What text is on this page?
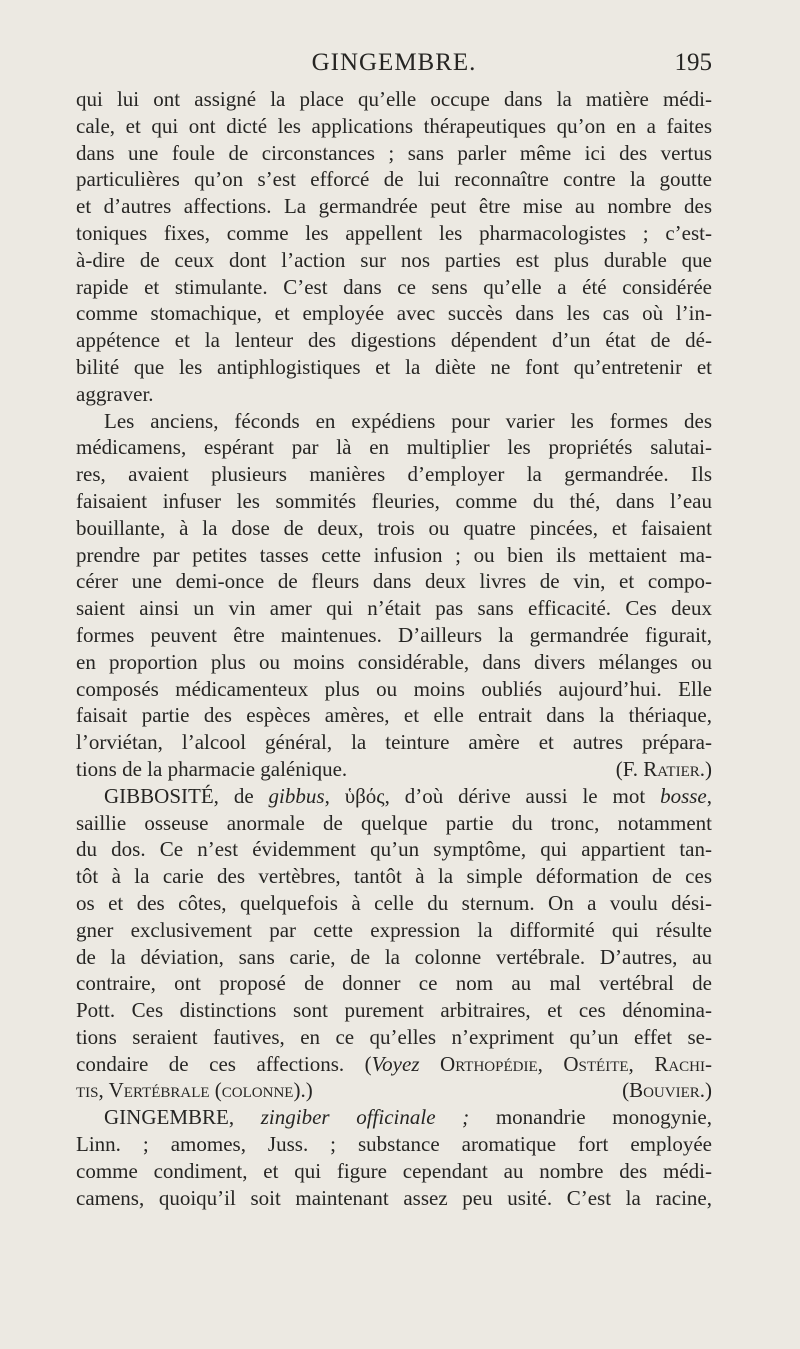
GINGEMBRE.	195
qui lui ont assigné la place qu’elle occupe dans la matière médi-
cale, et qui ont dicté les applications thérapeutiques qu’on en a faites
dans une foule de circonstances ; sans parler même ici des vertus
particulières qu’on s’est efforcé de lui reconnaître contre la goutte
et d’autres affections. La germandrée peut être mise au nombre des
toniques fixes, comme les appellent les pharmacologistes ; c’est-
à-dire de ceux dont l’action sur nos parties est plus durable que
rapide et stimulante. C’est dans ce sens qu’elle a été considérée
comme stomachique, et employée avec succès dans les cas où l’in-
appétence et la lenteur des digestions dépendent d’un état de dé-
bilité que les antiphlogistiques et la diète ne font qu’entretenir et
aggraver.
Les anciens, féconds en expédiens pour varier les formes des
médicamens, espérant par là en multiplier les propriétés salutai-
res, avaient plusieurs manières d’employer la germandrée. Ils
faisaient infuser les sommités fleuries, comme du thé, dans l’eau
bouillante, à la dose de deux, trois ou quatre pincées, et faisaient
prendre par petites tasses cette infusion ; ou bien ils mettaient ma-
cérer une demi-once de fleurs dans deux livres de vin, et compo-
saient ainsi un vin amer qui n’était pas sans efficacité. Ces deux
formes peuvent être maintenues. D’ailleurs la germandrée figurait,
en proportion plus ou moins considérable, dans divers mélanges ou
composés médicamenteux plus ou moins oubliés aujourd’hui. Elle
faisait partie des espèces amères, et elle entrait dans la thériaque,
l’orviétan, l’alcool général, la teinture amère et autres prépara-
tions de la pharmacie galénique.	(F. Ratier.)
GIBBOSITÉ, de gibbus, ὑβός, d’où dérive aussi le mot bosse,
saillie osseuse anormale de quelque partie du tronc, notamment
du dos. Ce n’est évidemment qu’un symptôme, qui appartient tan-
tôt à la carie des vertèbres, tantôt à la simple déformation de ces
os et des côtes, quelquefois à celle du sternum. On a voulu dési-
gner exclusivement par cette expression la difformité qui résulte
de la déviation, sans carie, de la colonne vertébrale. D’autres, au
contraire, ont proposé de donner ce nom au mal vertébral de
Pott. Ces distinctions sont purement arbitraires, et ces dénomina-
tions seraient fautives, en ce qu’elles n’expriment qu’un effet se-
condaire de ces affections. (Voyez Orthopédie, Ostéite, Rachi-
tis, Vertébrale (colonne).)	(Bouvier.)
GINGEMBRE, zingiber officinale ; monandrie monogynie,
Linn. ; amomes, Juss. ; substance aromatique fort employée
comme condiment, et qui figure cependant au nombre des médi-
camens, quoiqu’il soit maintenant assez peu usité. C’est la racine,
